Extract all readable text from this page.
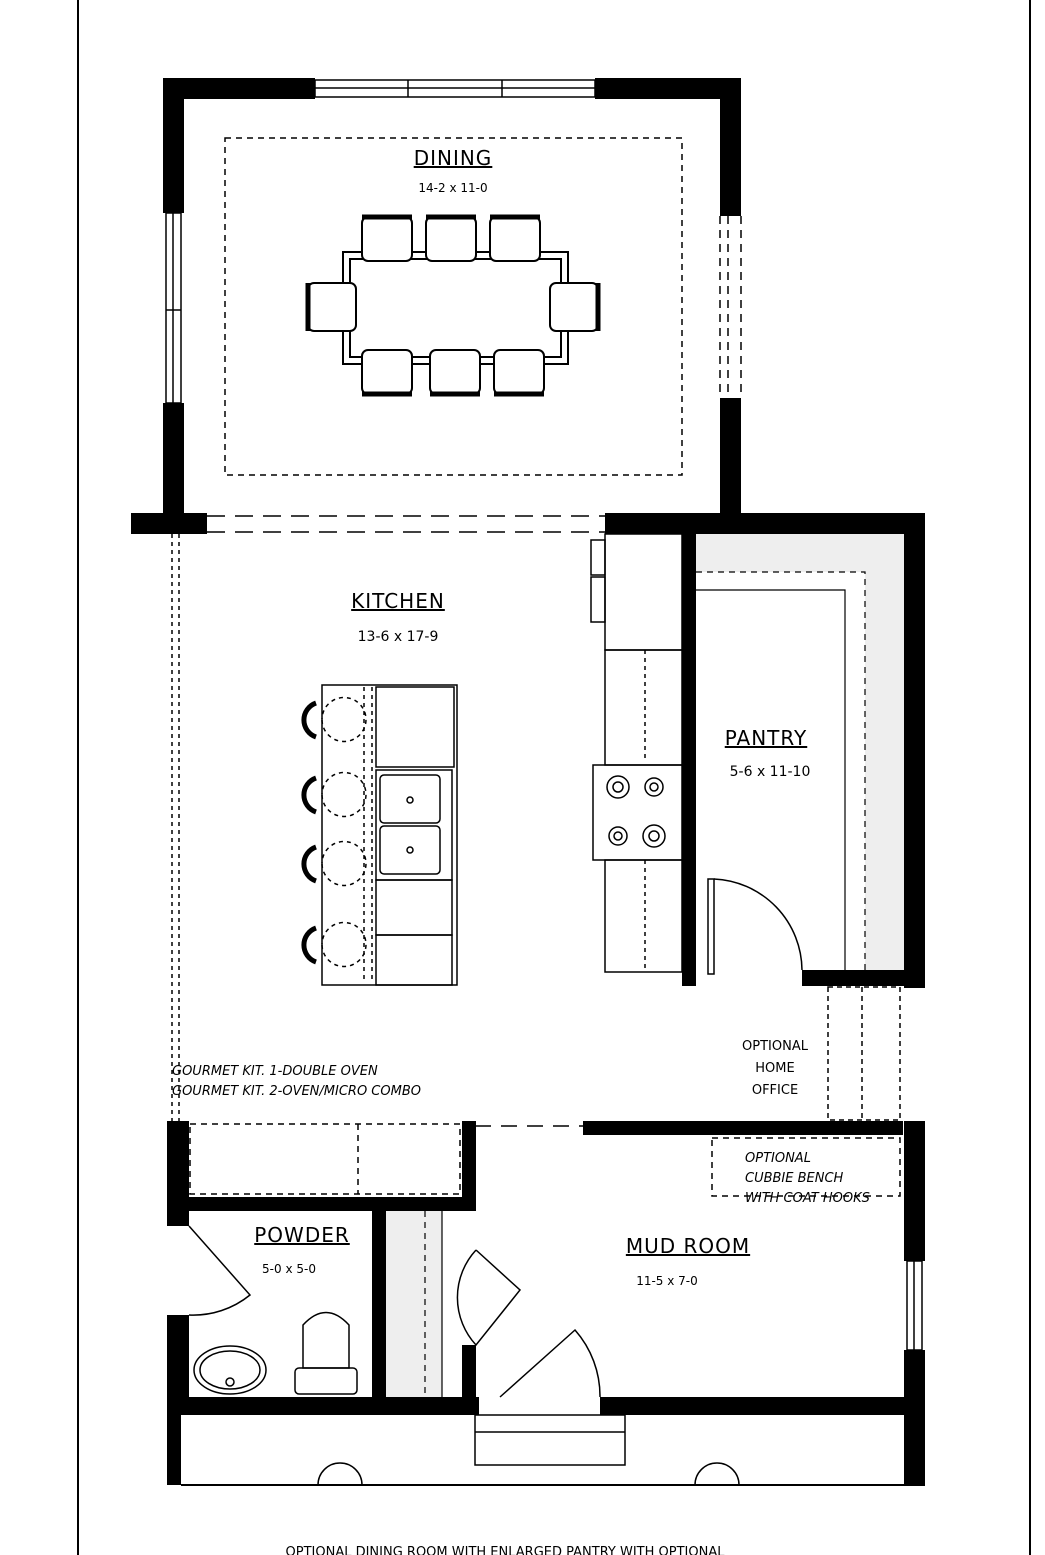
DINING
14-2 x 11-0
KITCHEN
13-6 x 17-9
PANTRY
5-6 x 11-10
POWDER
5-0 x 5-0
MUD ROOM
11-5 x 7-0
GOURMET KIT. 1-DOUBLE OVEN
GOURMET KIT. 2-OVEN/MICRO COMBO
OPTIONAL
HOME
OFFICE
OPTIONAL
CUBBIE BENCH
WITH COAT HOOKS
OPTIONAL DINING ROOM WITH ENLARGED PANTRY WITH OPTIONAL
